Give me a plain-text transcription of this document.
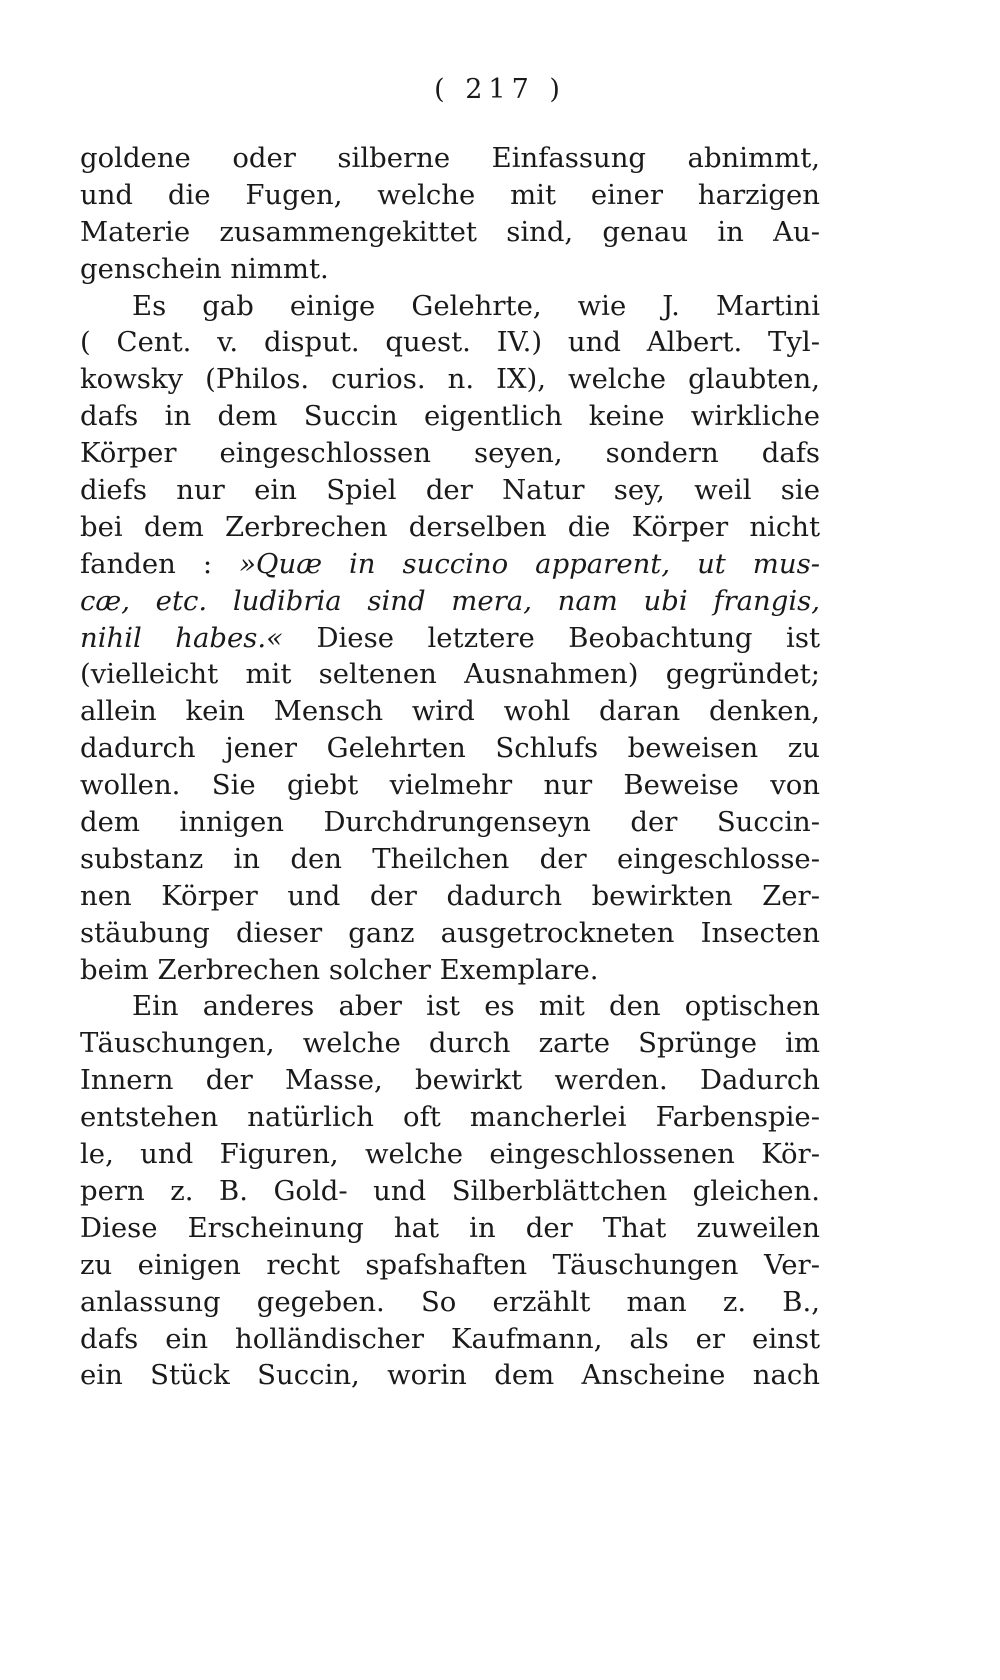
( 217 )
goldene oder silberne Einfassung abnimmt,
und die Fugen, welche mit einer harzigen
Materie zusammengekittet sind, genau in Au-
genschein nimmt.
Es gab einige Gelehrte, wie J. Martini
( Cent. v. disput. quest. IV.) und Albert. Tyl-
kowsky (Philos. curios. n. IX), welche glaubten,
dafs in dem Succin eigentlich keine wirkliche
Körper eingeschlossen seyen, sondern dafs
diefs nur ein Spiel der Natur sey, weil sie
bei dem Zerbrechen derselben die Körper nicht
fanden : »Quæ in succino apparent, ut mus-
cæ, etc. ludibria sind mera, nam ubi frangis,
nihil habes.« Diese letztere Beobachtung ist
(vielleicht mit seltenen Ausnahmen) gegründet;
allein kein Mensch wird wohl daran denken,
dadurch jener Gelehrten Schlufs beweisen zu
wollen. Sie giebt vielmehr nur Beweise von
dem innigen Durchdrungenseyn der Succin-
substanz in den Theilchen der eingeschlosse-
nen Körper und der dadurch bewirkten Zer-
stäubung dieser ganz ausgetrockneten Insecten
beim Zerbrechen solcher Exemplare.
Ein anderes aber ist es mit den optischen
Täuschungen, welche durch zarte Sprünge im
Innern der Masse, bewirkt werden. Dadurch
entstehen natürlich oft mancherlei Farbenspie-
le, und Figuren, welche eingeschlossenen Kör-
pern z. B. Gold- und Silberblättchen gleichen.
Diese Erscheinung hat in der That zuweilen
zu einigen recht spafshaften Täuschungen Ver-
anlassung gegeben. So erzählt man z. B.,
dafs ein holländischer Kaufmann, als er einst
ein Stück Succin, worin dem Anscheine nach
